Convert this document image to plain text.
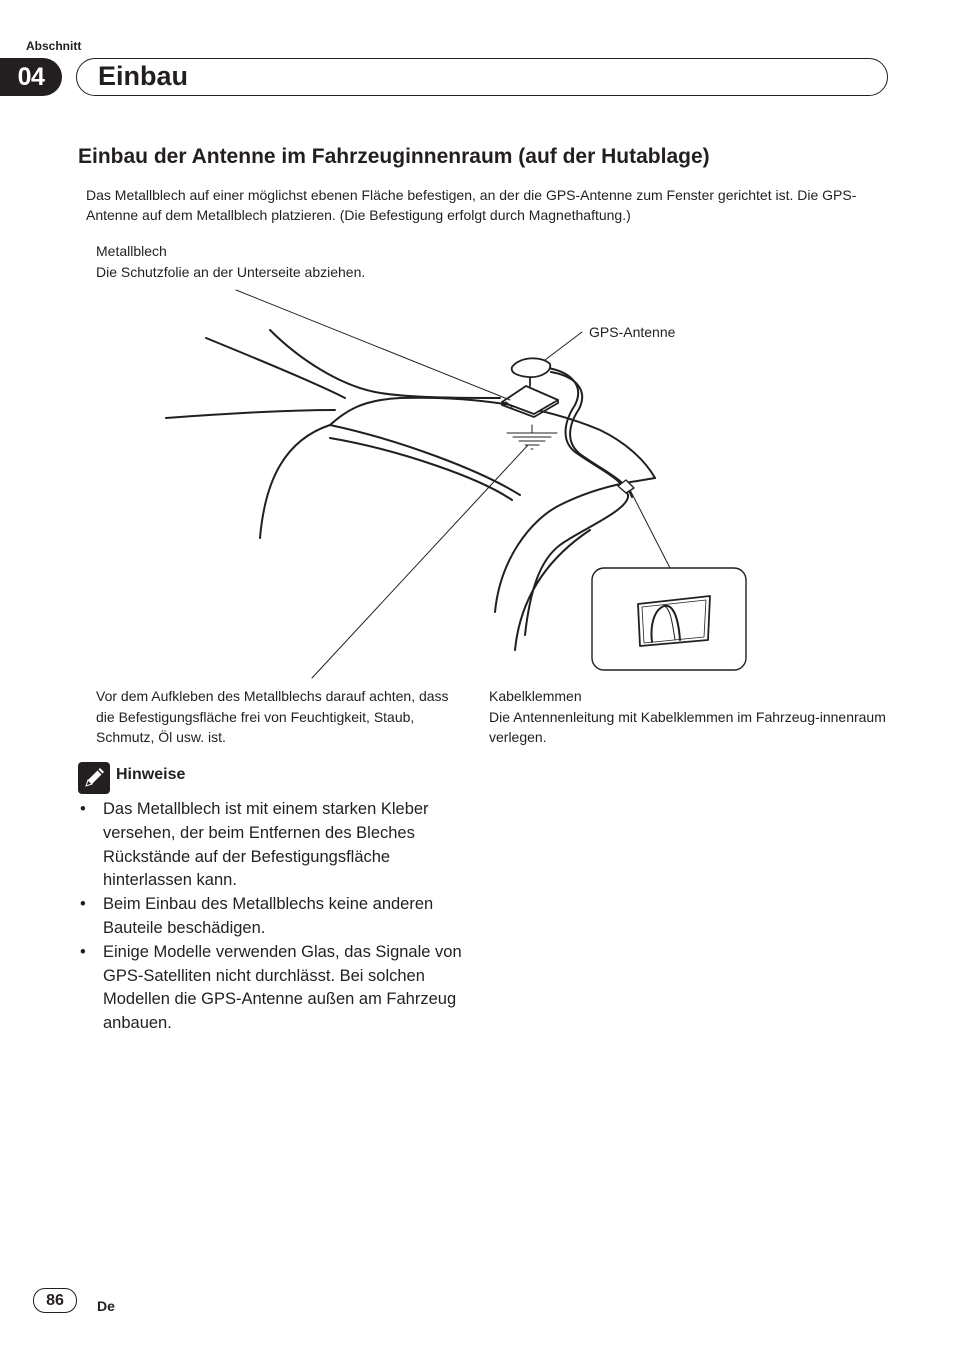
Abschnitt
04	Einbau
Einbau der Antenne im Fahrzeuginnenraum (auf der Hutablage)
Das Metallblech auf einer möglichst ebenen Fläche befestigen, an der die GPS-Antenne zum Fenster gerichtet ist. Die GPS-Antenne auf dem Metallblech platzieren. (Die Befestigung erfolgt durch Magnethaftung.)
Metallblech
Die Schutzfolie an der Unterseite abziehen.
GPS-Antenne
Vor dem Aufkleben des Metallblechs darauf achten, dass die Befestigungsfläche frei von Feuchtigkeit, Staub, Schmutz, Öl usw. ist.
Kabelklemmen
Die Antennenleitung mit Kabelklemmen im Fahrzeug-innenraum verlegen.
Hinweise
• Das Metallblech ist mit einem starken Kleber versehen, der beim Entfernen des Bleches Rückstände auf der Befestigungsfläche hinterlassen kann.
• Beim Einbau des Metallblechs keine anderen Bauteile beschädigen.
• Einige Modelle verwenden Glas, das Signale von GPS-Satelliten nicht durchlässt. Bei solchen Modellen die GPS-Antenne außen am Fahrzeug anbauen.
86	De
